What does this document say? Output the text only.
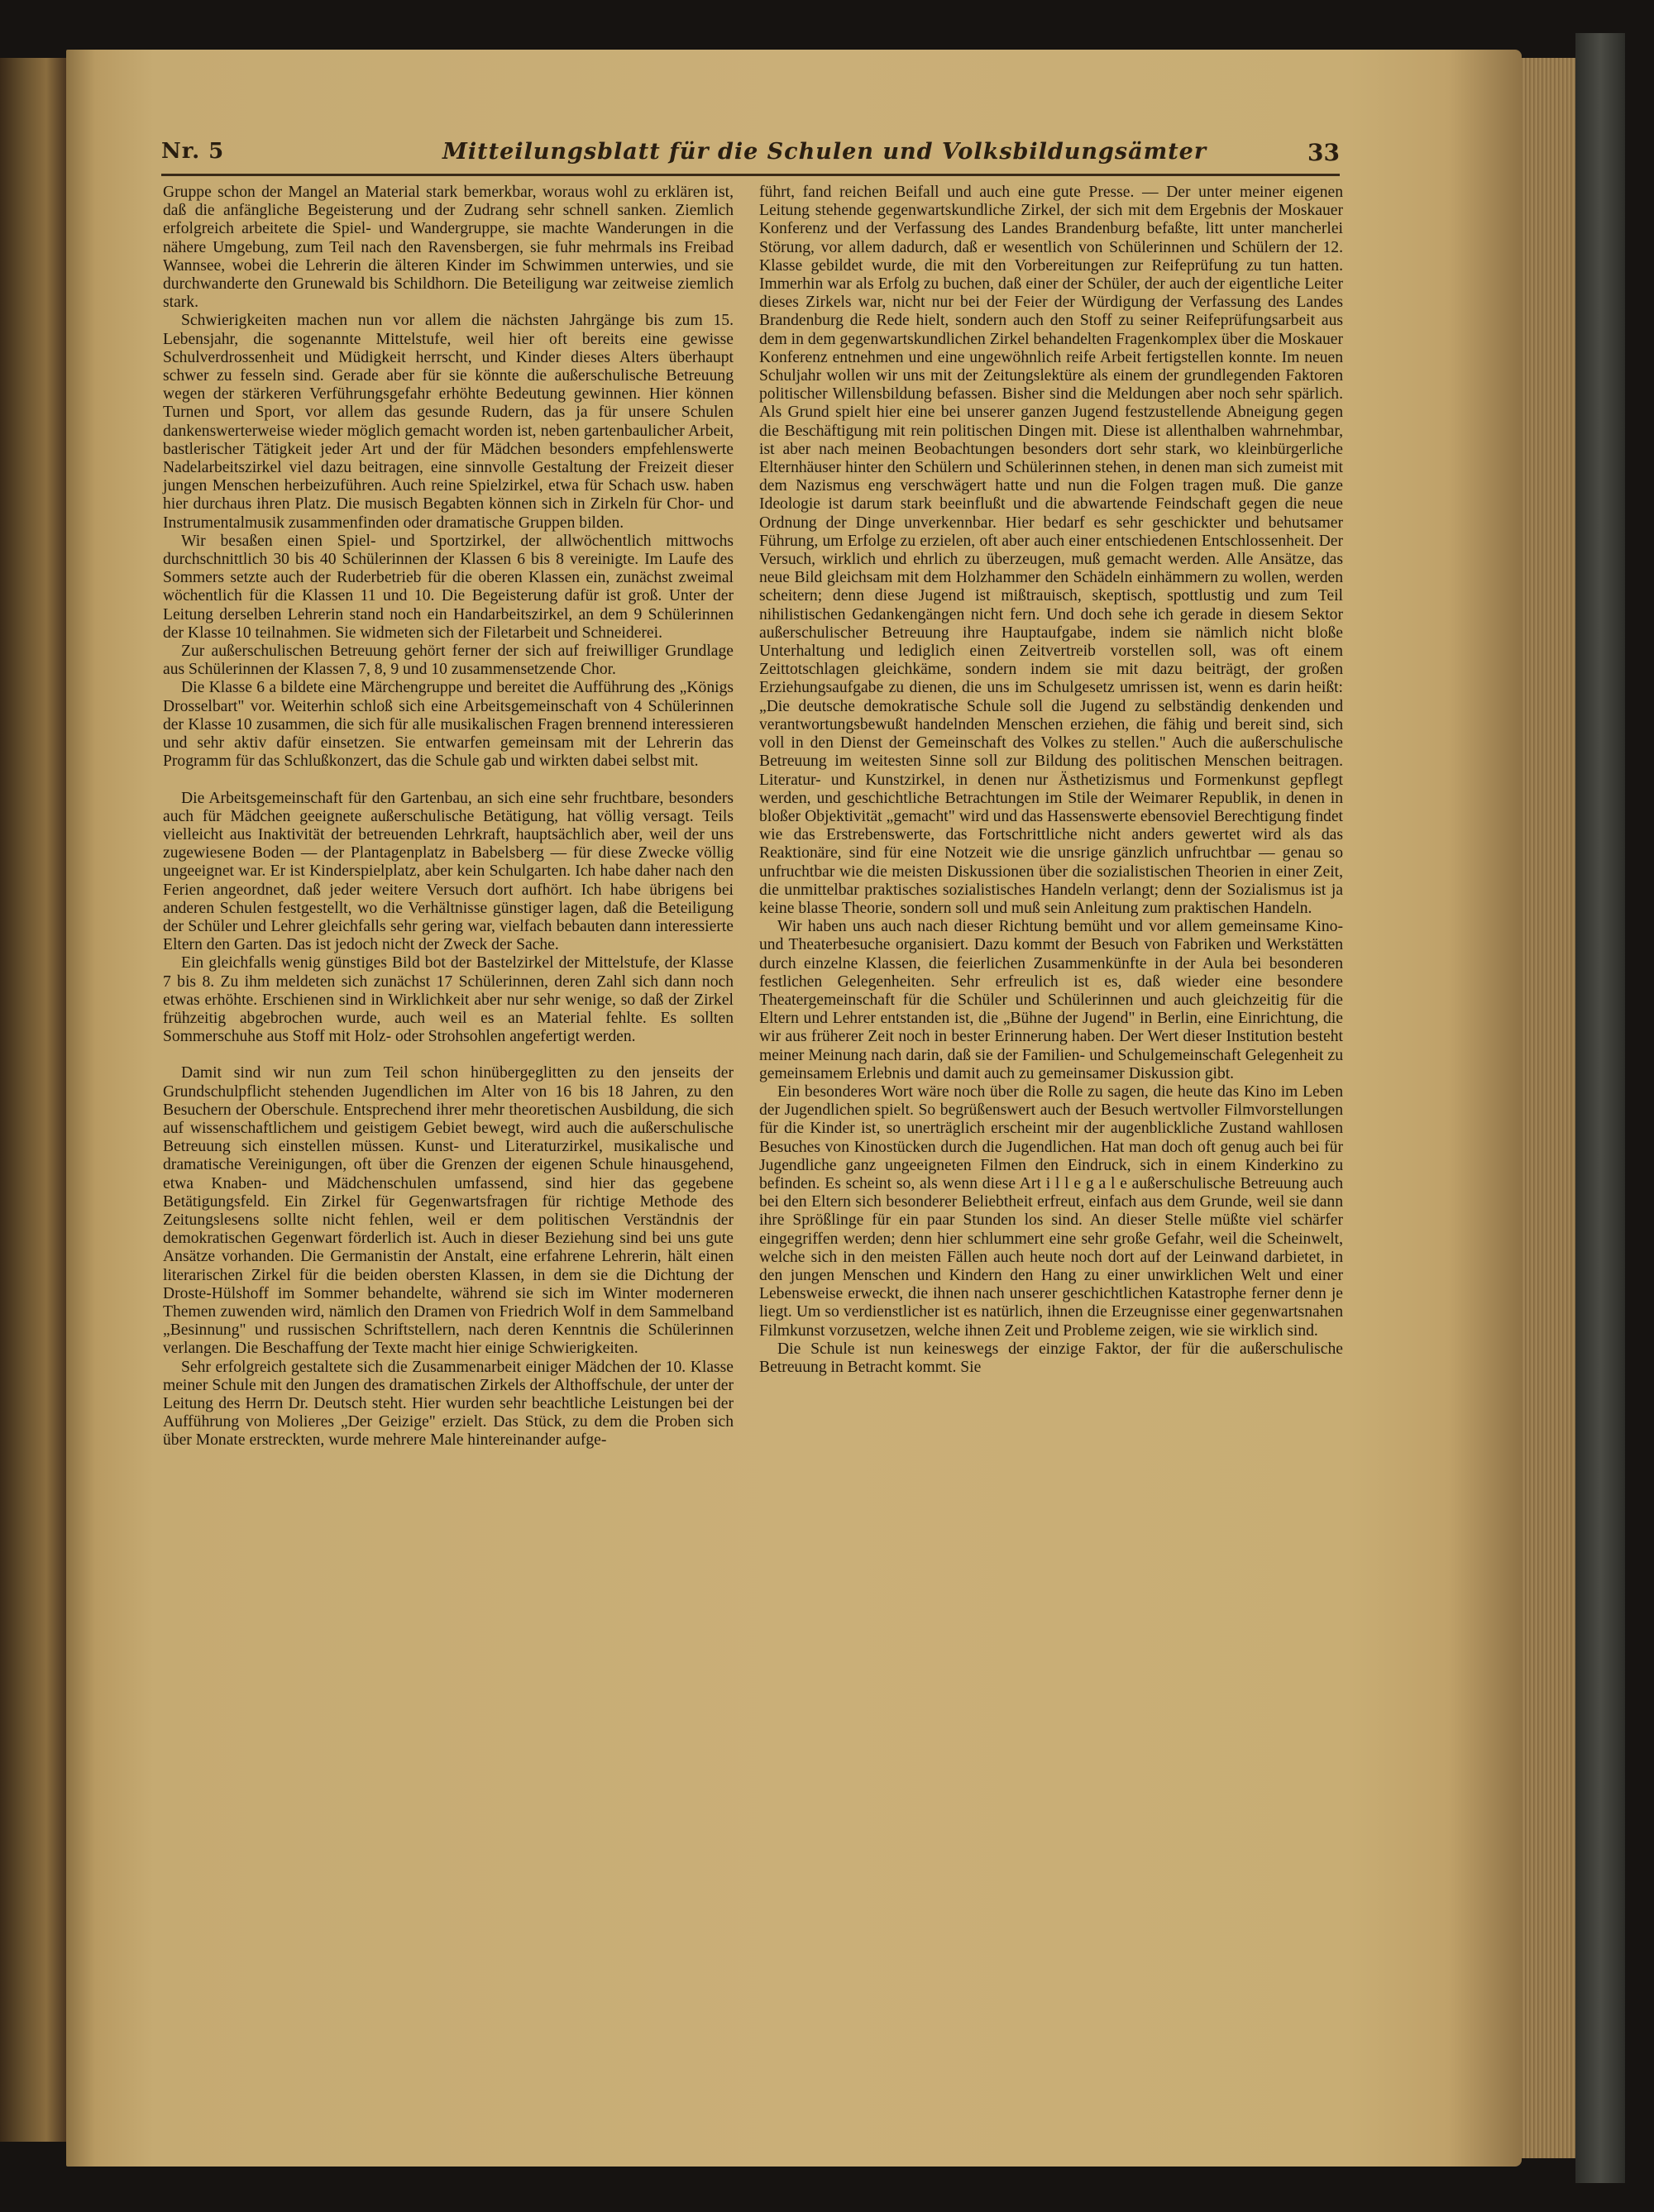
Nr. 5	Mitteilungsblatt für die Schulen und Volksbildungsämter	33

Gruppe schon der Mangel an Material stark bemerkbar, woraus wohl zu erklären ist, daß die anfängliche Begeisterung und der Zudrang sehr schnell sanken. Ziemlich erfolgreich arbeitete die Spiel- und Wandergruppe, sie machte Wanderungen in die nähere Umgebung, zum Teil nach den Ravensbergen, sie fuhr mehrmals ins Freibad Wannsee, wobei die Lehrerin die älteren Kinder im Schwimmen unterwies, und sie durchwanderte den Grunewald bis Schildhorn. Die Beteiligung war zeitweise ziemlich stark.

Schwierigkeiten machen nun vor allem die nächsten Jahrgänge bis zum 15. Lebensjahr, die sogenannte Mittelstufe, weil hier oft bereits eine gewisse Schulverdrossenheit und Müdigkeit herrscht, und Kinder dieses Alters überhaupt schwer zu fesseln sind. Gerade aber für sie könnte die außerschulische Betreuung wegen der stärkeren Verführungsgefahr erhöhte Bedeutung gewinnen. Hier können Turnen und Sport, vor allem das gesunde Rudern, das ja für unsere Schulen dankenswerterweise wieder möglich gemacht worden ist, neben gartenbaulicher Arbeit, bastlerischer Tätigkeit jeder Art und der für Mädchen besonders empfehlenswerte Nadelarbeitszirkel viel dazu beitragen, eine sinnvolle Gestaltung der Freizeit dieser jungen Menschen herbeizuführen. Auch reine Spielzirkel, etwa für Schach usw. haben hier durchaus ihren Platz. Die musisch Begabten können sich in Zirkeln für Chor- und Instrumentalmusik zusammenfinden oder dramatische Gruppen bilden.

Wir besaßen einen Spiel- und Sportzirkel, der allwöchentlich mittwochs durchschnittlich 30 bis 40 Schülerinnen der Klassen 6 bis 8 vereinigte. Im Laufe des Sommers setzte auch der Ruderbetrieb für die oberen Klassen ein, zunächst zweimal wöchentlich für die Klassen 11 und 10. Die Begeisterung dafür ist groß. Unter der Leitung derselben Lehrerin stand noch ein Handarbeitszirkel, an dem 9 Schülerinnen der Klasse 10 teilnahmen. Sie widmeten sich der Filetarbeit und Schneiderei.

Zur außerschulischen Betreuung gehört ferner der sich auf freiwilliger Grundlage aus Schülerinnen der Klassen 7, 8, 9 und 10 zusammensetzende Chor.

Die Klasse 6 a bildete eine Märchengruppe und bereitet die Aufführung des „Königs Drosselbart" vor. Weiterhin schloß sich eine Arbeitsgemeinschaft von 4 Schülerinnen der Klasse 10 zusammen, die sich für alle musikalischen Fragen brennend interessieren und sehr aktiv dafür einsetzen. Sie entwarfen gemeinsam mit der Lehrerin das Programm für das Schlußkonzert, das die Schule gab und wirkten dabei selbst mit.

Die Arbeitsgemeinschaft für den Gartenbau, an sich eine sehr fruchtbare, besonders auch für Mädchen geeignete außerschulische Betätigung, hat völlig versagt. Teils vielleicht aus Inaktivität der betreuenden Lehrkraft, hauptsächlich aber, weil der uns zugewiesene Boden — der Plantagenplatz in Babelsberg — für diese Zwecke völlig ungeeignet war. Er ist Kinderspielplatz, aber kein Schulgarten. Ich habe daher nach den Ferien angeordnet, daß jeder weitere Versuch dort aufhört. Ich habe übrigens bei anderen Schulen festgestellt, wo die Verhältnisse günstiger lagen, daß die Beteiligung der Schüler und Lehrer gleichfalls sehr gering war, vielfach bebauten dann interessierte Eltern den Garten. Das ist jedoch nicht der Zweck der Sache.

Ein gleichfalls wenig günstiges Bild bot der Bastelzirkel der Mittelstufe, der Klasse 7 bis 8. Zu ihm meldeten sich zunächst 17 Schülerinnen, deren Zahl sich dann noch etwas erhöhte. Erschienen sind in Wirklichkeit aber nur sehr wenige, so daß der Zirkel frühzeitig abgebrochen wurde, auch weil es an Material fehlte. Es sollten Sommerschuhe aus Stoff mit Holz- oder Strohsohlen angefertigt werden.

Damit sind wir nun zum Teil schon hinübergeglitten zu den jenseits der Grundschulpflicht stehenden Jugendlichen im Alter von 16 bis 18 Jahren, zu den Besuchern der Oberschule. Entsprechend ihrer mehr theoretischen Ausbildung, die sich auf wissenschaftlichem und geistigem Gebiet bewegt, wird auch die außerschulische Betreuung sich einstellen müssen. Kunst- und Literaturzirkel, musikalische und dramatische Vereinigungen, oft über die Grenzen der eigenen Schule hinausgehend, etwa Knaben- und Mädchenschulen umfassend, sind hier das gegebene Betätigungsfeld. Ein Zirkel für Gegenwartsfragen für richtige Methode des Zeitungslesens sollte nicht fehlen, weil er dem politischen Verständnis der demokratischen Gegenwart förderlich ist. Auch in dieser Beziehung sind bei uns gute Ansätze vorhanden. Die Germanistin der Anstalt, eine erfahrene Lehrerin, hält einen literarischen Zirkel für die beiden obersten Klassen, in dem sie die Dichtung der Droste-Hülshoff im Sommer behandelte, während sie sich im Winter moderneren Themen zuwenden wird, nämlich den Dramen von Friedrich Wolf in dem Sammelband „Besinnung" und russischen Schriftstellern, nach deren Kenntnis die Schülerinnen verlangen. Die Beschaffung der Texte macht hier einige Schwierigkeiten.

Sehr erfolgreich gestaltete sich die Zusammenarbeit einiger Mädchen der 10. Klasse meiner Schule mit den Jungen des dramatischen Zirkels der Althoffschule, der unter der Leitung des Herrn Dr. Deutsch steht. Hier wurden sehr beachtliche Leistungen bei der Aufführung von Molieres „Der Geizige" erzielt. Das Stück, zu dem die Proben sich über Monate erstreckten, wurde mehrere Male hintereinander aufge-

führt, fand reichen Beifall und auch eine gute Presse. — Der unter meiner eigenen Leitung stehende gegenwartskundliche Zirkel, der sich mit dem Ergebnis der Moskauer Konferenz und der Verfassung des Landes Brandenburg befaßte, litt unter mancherlei Störung, vor allem dadurch, daß er wesentlich von Schülerinnen und Schülern der 12. Klasse gebildet wurde, die mit den Vorbereitungen zur Reifeprüfung zu tun hatten. Immerhin war als Erfolg zu buchen, daß einer der Schüler, der auch der eigentliche Leiter dieses Zirkels war, nicht nur bei der Feier der Würdigung der Verfassung des Landes Brandenburg die Rede hielt, sondern auch den Stoff zu seiner Reifeprüfungsarbeit aus dem in dem gegenwartskundlichen Zirkel behandelten Fragenkomplex über die Moskauer Konferenz entnehmen und eine ungewöhnlich reife Arbeit fertigstellen konnte. Im neuen Schuljahr wollen wir uns mit der Zeitungslektüre als einem der grundlegenden Faktoren politischer Willensbildung befassen. Bisher sind die Meldungen aber noch sehr spärlich. Als Grund spielt hier eine bei unserer ganzen Jugend festzustellende Abneigung gegen die Beschäftigung mit rein politischen Dingen mit. Diese ist allenthalben wahrnehmbar, ist aber nach meinen Beobachtungen besonders dort sehr stark, wo kleinbürgerliche Elternhäuser hinter den Schülern und Schülerinnen stehen, in denen man sich zumeist mit dem Nazismus eng verschwägert hatte und nun die Folgen tragen muß. Die ganze Ideologie ist darum stark beeinflußt und die abwartende Feindschaft gegen die neue Ordnung der Dinge unverkennbar. Hier bedarf es sehr geschickter und behutsamer Führung, um Erfolge zu erzielen, oft aber auch einer entschiedenen Entschlossenheit. Der Versuch, wirklich und ehrlich zu überzeugen, muß gemacht werden. Alle Ansätze, das neue Bild gleichsam mit dem Holzhammer den Schädeln einhämmern zu wollen, werden scheitern; denn diese Jugend ist mißtrauisch, skeptisch, spottlustig und zum Teil nihilistischen Gedankengängen nicht fern. Und doch sehe ich gerade in diesem Sektor außerschulischer Betreuung ihre Hauptaufgabe, indem sie nämlich nicht bloße Unterhaltung und lediglich einen Zeitvertreib vorstellen soll, was oft einem Zeittotschlagen gleichkäme, sondern indem sie mit dazu beiträgt, der großen Erziehungsaufgabe zu dienen, die uns im Schulgesetz umrissen ist, wenn es darin heißt: „Die deutsche demokratische Schule soll die Jugend zu selbständig denkenden und verantwortungsbewußt handelnden Menschen erziehen, die fähig und bereit sind, sich voll in den Dienst der Gemeinschaft des Volkes zu stellen." Auch die außerschulische Betreuung im weitesten Sinne soll zur Bildung des politischen Menschen beitragen. Literatur- und Kunstzirkel, in denen nur Ästhetizismus und Formenkunst gepflegt werden, und geschichtliche Betrachtungen im Stile der Weimarer Republik, in denen in bloßer Objektivität „gemacht" wird und das Hassenswerte ebensoviel Berechtigung findet wie das Erstrebenswerte, das Fortschrittliche nicht anders gewertet wird als das Reaktionäre, sind für eine Notzeit wie die unsrige gänzlich unfruchtbar — genau so unfruchtbar wie die meisten Diskussionen über die sozialistischen Theorien in einer Zeit, die unmittelbar praktisches sozialistisches Handeln verlangt; denn der Sozialismus ist ja keine blasse Theorie, sondern soll und muß sein Anleitung zum praktischen Handeln.

Wir haben uns auch nach dieser Richtung bemüht und vor allem gemeinsame Kino- und Theaterbesuche organisiert. Dazu kommt der Besuch von Fabriken und Werkstätten durch einzelne Klassen, die feierlichen Zusammenkünfte in der Aula bei besonderen festlichen Gelegenheiten. Sehr erfreulich ist es, daß wieder eine besondere Theatergemeinschaft für die Schüler und Schülerinnen und auch gleichzeitig für die Eltern und Lehrer entstanden ist, die „Bühne der Jugend" in Berlin, eine Einrichtung, die wir aus früherer Zeit noch in bester Erinnerung haben. Der Wert dieser Institution besteht meiner Meinung nach darin, daß sie der Familien- und Schulgemeinschaft Gelegenheit zu gemeinsamem Erlebnis und damit auch zu gemeinsamer Diskussion gibt.

Ein besonderes Wort wäre noch über die Rolle zu sagen, die heute das Kino im Leben der Jugendlichen spielt. So begrüßenswert auch der Besuch wertvoller Filmvorstellungen für die Kinder ist, so unerträglich erscheint mir der augenblickliche Zustand wahllosen Besuches von Kinostücken durch die Jugendlichen. Hat man doch oft genug auch bei für Jugendliche ganz ungeeigneten Filmen den Eindruck, sich in einem Kinderkino zu befinden. Es scheint so, als wenn diese Art i l l e g a l e außerschulische Betreuung auch bei den Eltern sich besonderer Beliebtheit erfreut, einfach aus dem Grunde, weil sie dann ihre Sprößlinge für ein paar Stunden los sind. An dieser Stelle müßte viel schärfer eingegriffen werden; denn hier schlummert eine sehr große Gefahr, weil die Scheinwelt, welche sich in den meisten Fällen auch heute noch dort auf der Leinwand darbietet, in den jungen Menschen und Kindern den Hang zu einer unwirklichen Welt und einer Lebensweise erweckt, die ihnen nach unserer geschichtlichen Katastrophe ferner denn je liegt. Um so verdienstlicher ist es natürlich, ihnen die Erzeugnisse einer gegenwartsnahen Filmkunst vorzusetzen, welche ihnen Zeit und Probleme zeigen, wie sie wirklich sind.

Die Schule ist nun keineswegs der einzige Faktor, der für die außerschulische Betreuung in Betracht kommt. Sie
